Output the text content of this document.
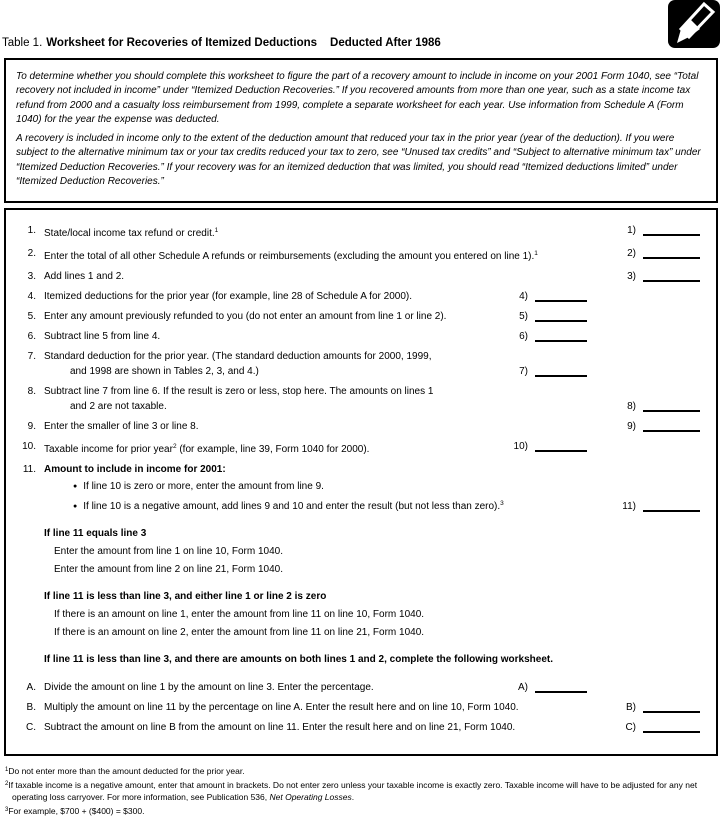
Table 1. Worksheet for Recoveries of Itemized Deductions Deducted After 1986

To determine whether you should complete this worksheet to figure the part of a recovery amount to include in income on your 2001 Form 1040, see “Total recovery not included in income” under “Itemized Deduction Recoveries.” If you recovered amounts from more than one year, such as a state income tax refund from 2000 and a casualty loss reimbursement from 1999, complete a separate worksheet for each year. Use information from Schedule A (Form 1040) for the year the expense was deducted.

A recovery is included in income only to the extent of the deduction amount that reduced your tax in the prior year (year of the deduction). If you were subject to the alternative minimum tax or your tax credits reduced your tax to zero, see “Unused tax credits” and “Subject to alternative minimum tax” under “Itemized Deduction Recoveries.” If your recovery was for an itemized deduction that was limited, you should read “Itemized deductions limited” under “Itemized Deduction Recoveries.”

1. State/local income tax refund or credit.$^1$	1)
2. Enter the total of all other Schedule A refunds or reimbursements (excluding the amount you entered on line 1).$^1$	2)
3. Add lines 1 and 2.	3)
4. Itemized deductions for the prior year (for example, line 28 of Schedule A for 2000).	4)
5. Enter any amount previously refunded to you (do not enter an amount from line 1 or line 2).	5)
6. Subtract line 5 from line 4.	6)
7. Standard deduction for the prior year. (The standard deduction amounts for 2000, 1999,
and 1998 are shown in Tables 2, 3, and 4.)	7)
8. Subtract line 7 from line 6. If the result is zero or less, stop here. The amounts on lines 1
and 2 are not taxable.	8)
9. Enter the smaller of line 3 or line 8.	9)
10. Taxable income for prior year$^2$ (for example, line 39, Form 1040 for 2000).	10)
11. Amount to include in income for 2001:
● If line 10 is zero or more, enter the amount from line 9.
● If line 10 is a negative amount, add lines 9 and 10 and enter the result (but not less than zero).$^3$	11)
If line 11 equals line 3
Enter the amount from line 1 on line 10, Form 1040.
Enter the amount from line 2 on line 21, Form 1040.
If line 11 is less than line 3, and either line 1 or line 2 is zero
If there is an amount on line 1, enter the amount from line 11 on line 10, Form 1040.
If there is an amount on line 2, enter the amount from line 11 on line 21, Form 1040.
If line 11 is less than line 3, and there are amounts on both lines 1 and 2, complete the following worksheet.
A. Divide the amount on line 1 by the amount on line 3. Enter the percentage.	A)
B. Multiply the amount on line 11 by the percentage on line A. Enter the result here and on line 10, Form 1040.	B)
C. Subtract the amount on line B from the amount on line 11. Enter the result here and on line 21, Form 1040.	C)
$^1$Do not enter more than the amount deducted for the prior year.
$^2$If taxable income is a negative amount, enter that amount in brackets. Do not enter zero unless your taxable income is exactly zero. Taxable income will have to be adjusted for any net operating loss carryover. For more information, see Publication 536, Net Operating Losses.
$^3$For example, $700 + ($400) = $300.
